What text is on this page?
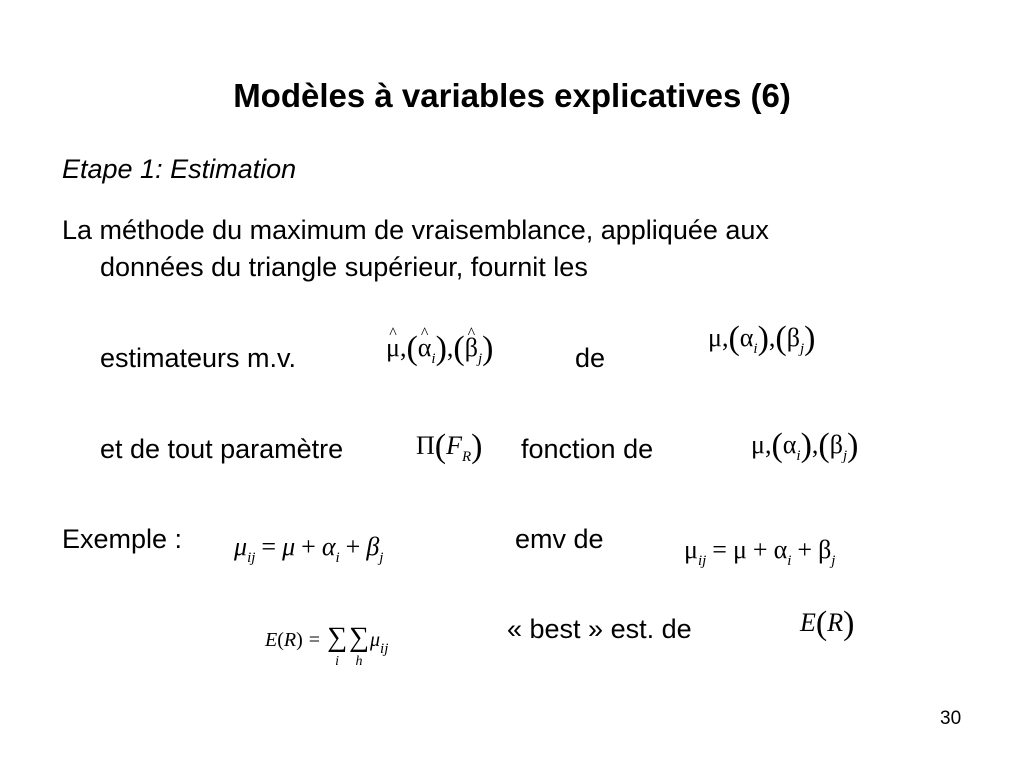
Modèles à variables explicatives (6)
Etape 1: Estimation
La méthode du maximum de vraisemblance, appliquée aux
données du triangle supérieur, fournit les
estimateurs m.v.
^	μ,(^ $\alpha_i),(\^{}$ $\beta_j$)	de
$\mu,(\alpha_i),(\beta_j)$
et de tout paramètre	$\Pi(F_R)$ fonction de	$\mu,(\alpha_i),(\beta_j)$
Exemple : $\mu_{ij} = \mu + \alpha_i + \beta_j$
emv de	$\mu_{ij} = \mu + \alpha_i + \beta_j$
E(R) = ∑
i
∑
h
$\mu_{ij}$
« best » est. de	E(R)
30
